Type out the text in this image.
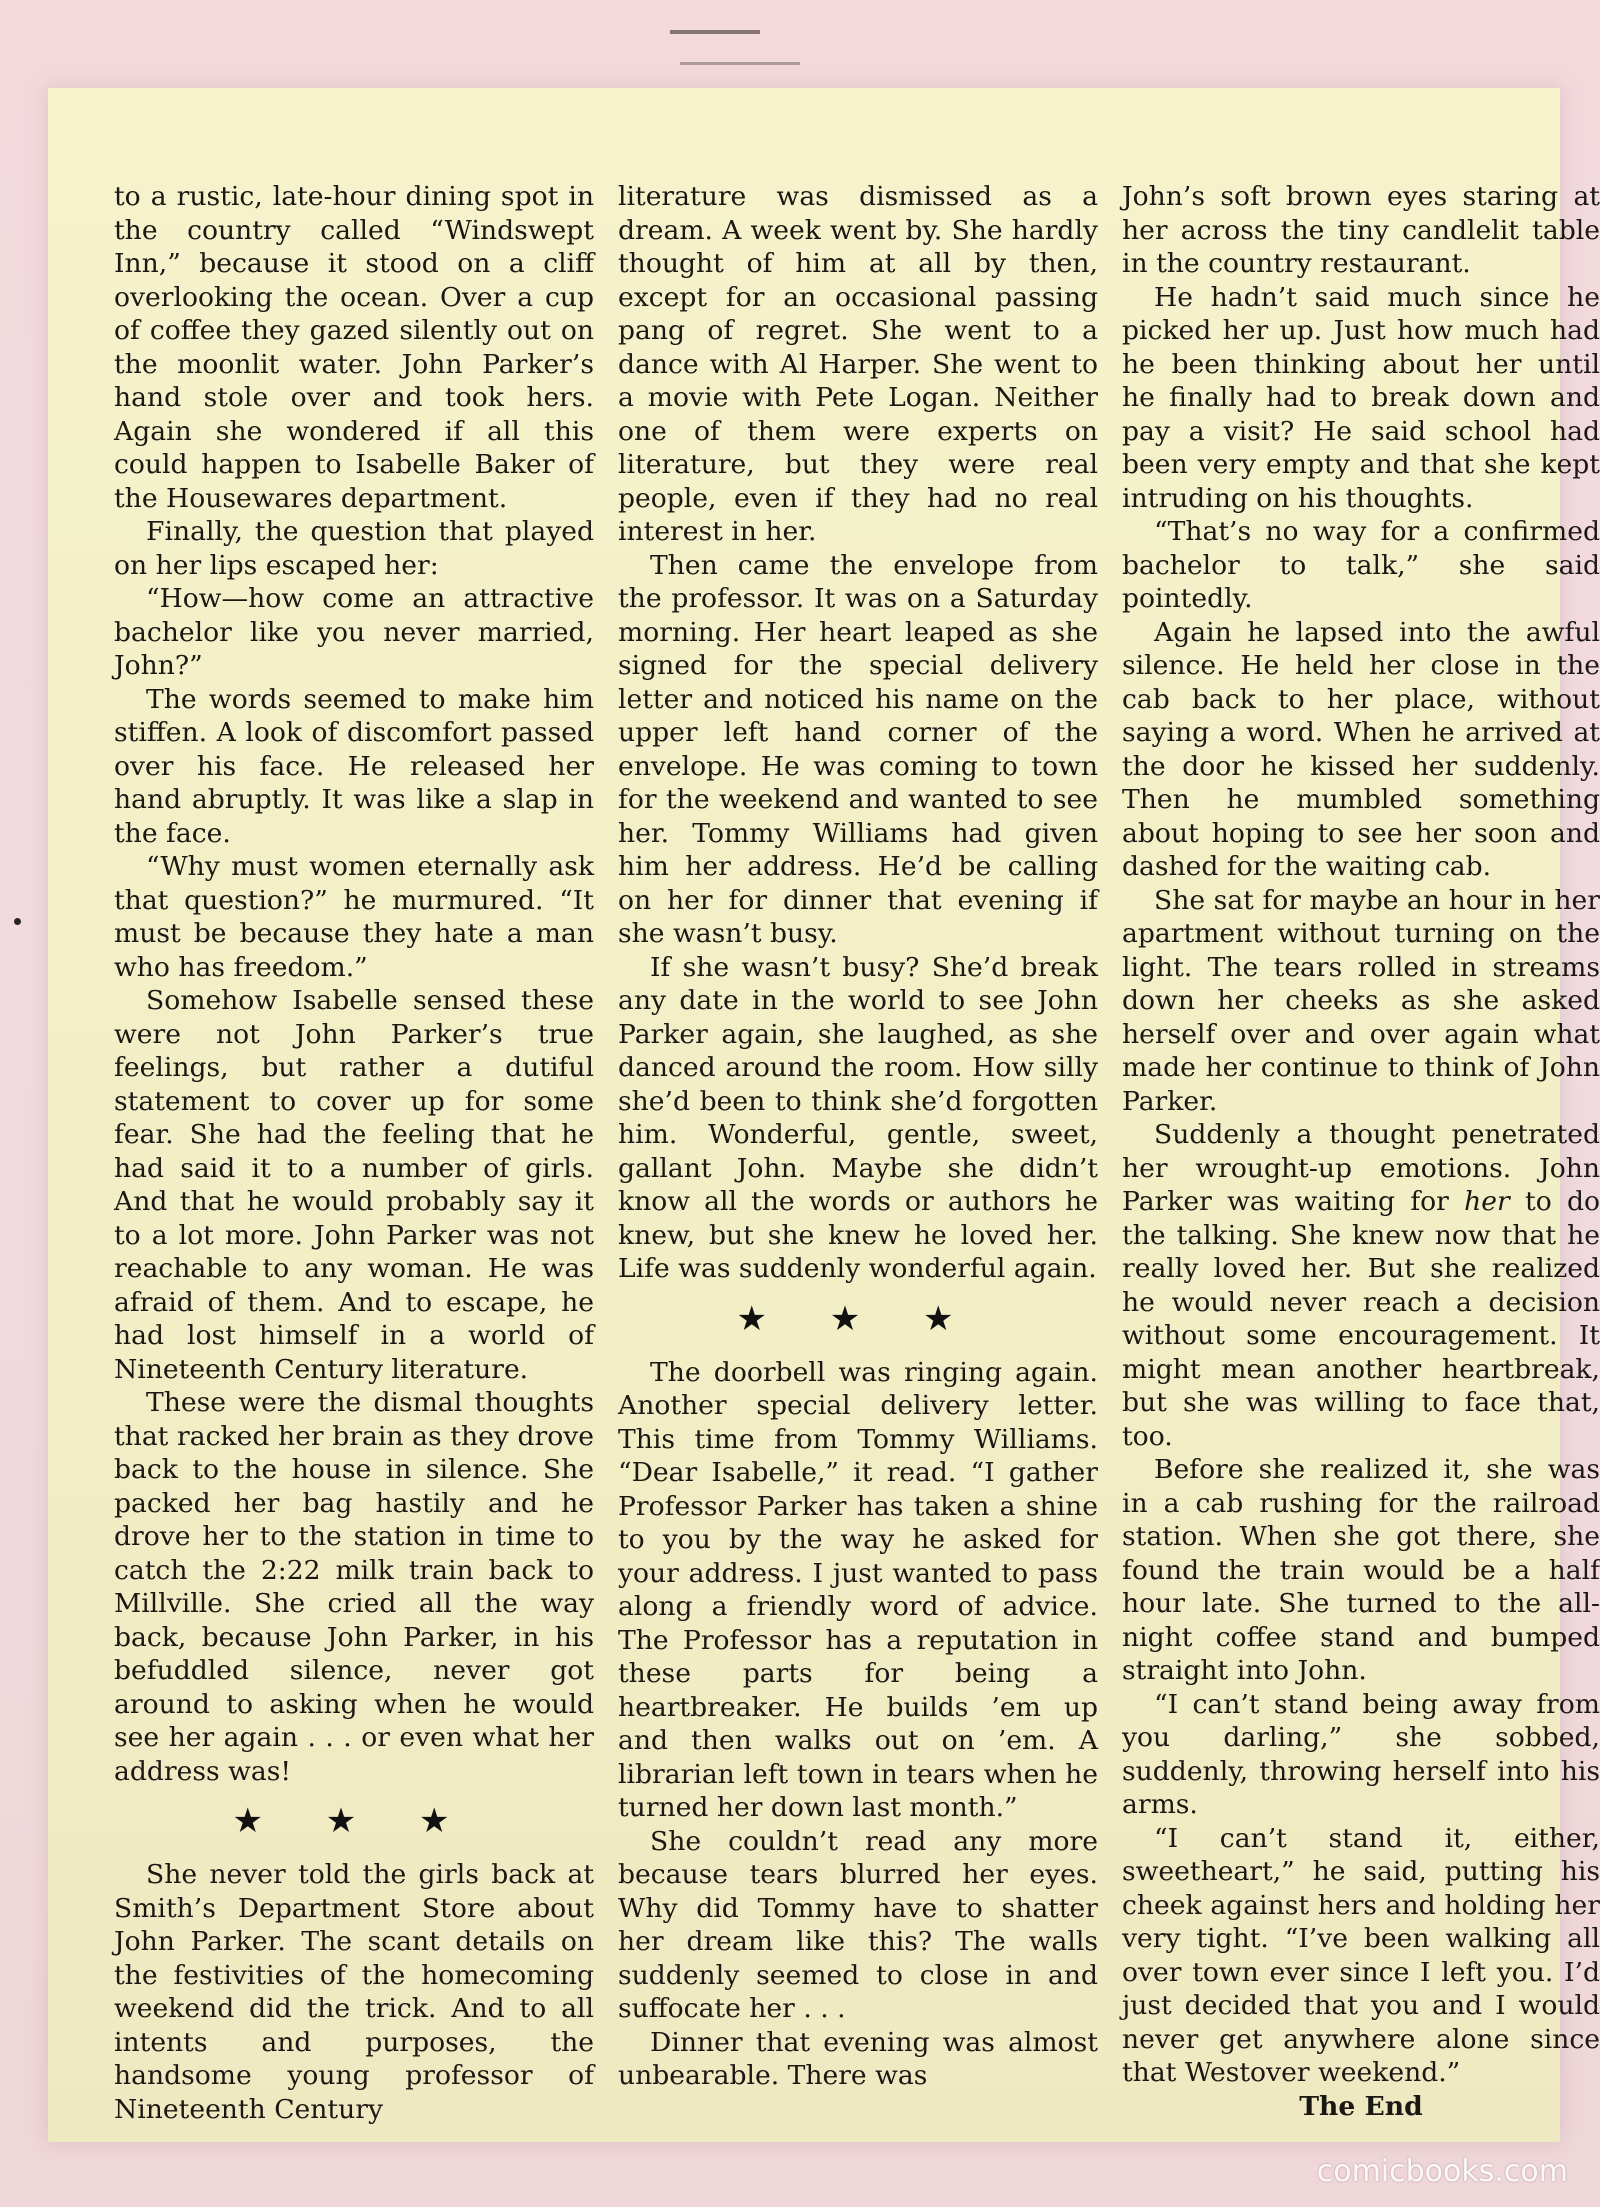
to a rustic, late-hour dining spot in the country called “Windswept Inn,” because it stood on a cliff overlooking the ocean. Over a cup of coffee they gazed silently out on the moonlit water. John Parker’s hand stole over and took hers. Again she wondered if all this could happen to Isabelle Baker of the Housewares department.

Finally, the question that played on her lips escaped her:

“How—how come an attractive bachelor like you never married, John?”

The words seemed to make him stiffen. A look of discomfort passed over his face. He released her hand abruptly. It was like a slap in the face.

“Why must women eternally ask that question?” he murmured. “It must be because they hate a man who has freedom.”

Somehow Isabelle sensed these were not John Parker’s true feelings, but rather a dutiful statement to cover up for some fear. She had the feeling that he had said it to a number of girls. And that he would probably say it to a lot more. John Parker was not reachable to any woman. He was afraid of them. And to escape, he had lost himself in a world of Nineteenth Century literature.

These were the dismal thoughts that racked her brain as they drove back to the house in silence. She packed her bag hastily and he drove her to the station in time to catch the 2:22 milk train back to Millville. She cried all the way back, because John Parker, in his befuddled silence, never got around to asking when he would see her again . . . or even what her address was!

★ ★ ★

She never told the girls back at Smith’s Department Store about John Parker. The scant details on the festivities of the homecoming weekend did the trick. And to all intents and purposes, the handsome young professor of Nineteenth Century

literature was dismissed as a dream. A week went by. She hardly thought of him at all by then, except for an occasional passing pang of regret. She went to a dance with Al Harper. She went to a movie with Pete Logan. Neither one of them were experts on literature, but they were real people, even if they had no real interest in her.

Then came the envelope from the professor. It was on a Saturday morning. Her heart leaped as she signed for the special delivery letter and noticed his name on the upper left hand corner of the envelope. He was coming to town for the weekend and wanted to see her. Tommy Williams had given him her address. He’d be calling on her for dinner that evening if she wasn’t busy.

If she wasn’t busy? She’d break any date in the world to see John Parker again, she laughed, as she danced around the room. How silly she’d been to think she’d forgotten him. Wonderful, gentle, sweet, gallant John. Maybe she didn’t know all the words or authors he knew, but she knew he loved her. Life was suddenly wonderful again.

★ ★ ★

The doorbell was ringing again. Another special delivery letter. This time from Tommy Williams. “Dear Isabelle,” it read. “I gather Professor Parker has taken a shine to you by the way he asked for your address. I just wanted to pass along a friendly word of advice. The Professor has a reputation in these parts for being a heartbreaker. He builds ’em up and then walks out on ’em. A librarian left town in tears when he turned her down last month.”

She couldn’t read any more because tears blurred her eyes. Why did Tommy have to shatter her dream like this? The walls suddenly seemed to close in and suffocate her . . .

Dinner that evening was almost unbearable. There was

John’s soft brown eyes staring at her across the tiny candlelit table in the country restaurant.

He hadn’t said much since he picked her up. Just how much had he been thinking about her until he finally had to break down and pay a visit? He said school had been very empty and that she kept intruding on his thoughts.

“That’s no way for a confirmed bachelor to talk,” she said pointedly.

Again he lapsed into the awful silence. He held her close in the cab back to her place, without saying a word. When he arrived at the door he kissed her suddenly. Then he mumbled something about hoping to see her soon and dashed for the waiting cab.

She sat for maybe an hour in her apartment without turning on the light. The tears rolled in streams down her cheeks as she asked herself over and over again what made her continue to think of John Parker.

Suddenly a thought penetrated her wrought-up emotions. John Parker was waiting for her to do the talking. She knew now that he really loved her. But she realized he would never reach a decision without some encouragement. It might mean another heartbreak, but she was willing to face that, too.

Before she realized it, she was in a cab rushing for the railroad station. When she got there, she found the train would be a half hour late. She turned to the all-night coffee stand and bumped straight into John.

“I can’t stand being away from you darling,” she sobbed, suddenly, throwing herself into his arms.

“I can’t stand it, either, sweetheart,” he said, putting his cheek against hers and holding her very tight. “I’ve been walking all over town ever since I left you. I’d just decided that you and I would never get anywhere alone since that Westover weekend.”

The End

comicbooks.com
